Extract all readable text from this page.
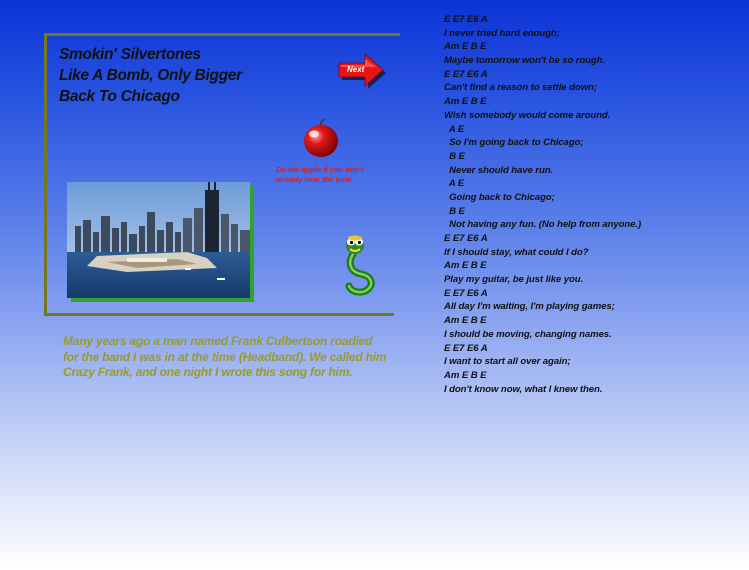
Smokin' Silvertones
Like A Bomb, Only Bigger
Back To Chicago
Next
Do the apple if you don't already hear the tune.
Many years ago a man named Frank Culbertson roadied
for the band I was in at the time (Headband). We called him
Crazy Frank, and one night I wrote this song for him.
E E7 E6 A
I never tried hard enough;
Am E B E
Maybe tomorrow won't be so rough.
E E7 E6 A
Can't find a reason to settle down;
Am E B E
Wish somebody would come around.
A E
So I'm going back to Chicago;
B E
Never should have run.
A E
Going back to Chicago;
B E
Not having any fun. (No help from anyone.)
E E7 E6 A
If I should stay, what could I do?
Am E B E
Play my guitar, be just like you.
E E7 E6 A
All day I'm waiting, I'm playing games;
Am E B E
I should be moving, changing names.
E E7 E6 A
I want to start all over again;
Am E B E
I don't know now, what I knew then.
